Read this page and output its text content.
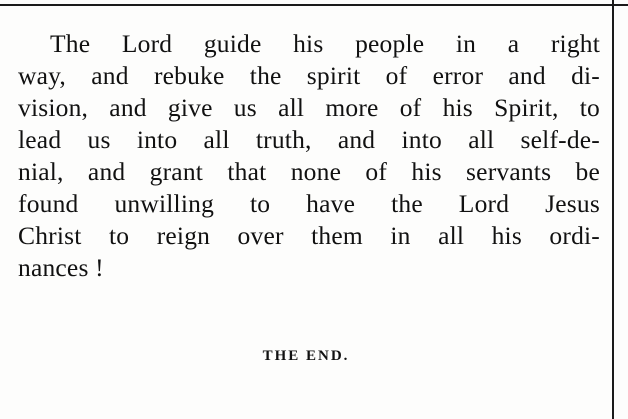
The Lord guide his people in a right
way, and rebuke the spirit of error and di-
vision, and give us all more of his Spirit, to
lead us into all truth, and into all self-de-
nial, and grant that none of his servants be
found unwilling to have the Lord Jesus
Christ to reign over them in all his ordi-
nances !

THE END.
